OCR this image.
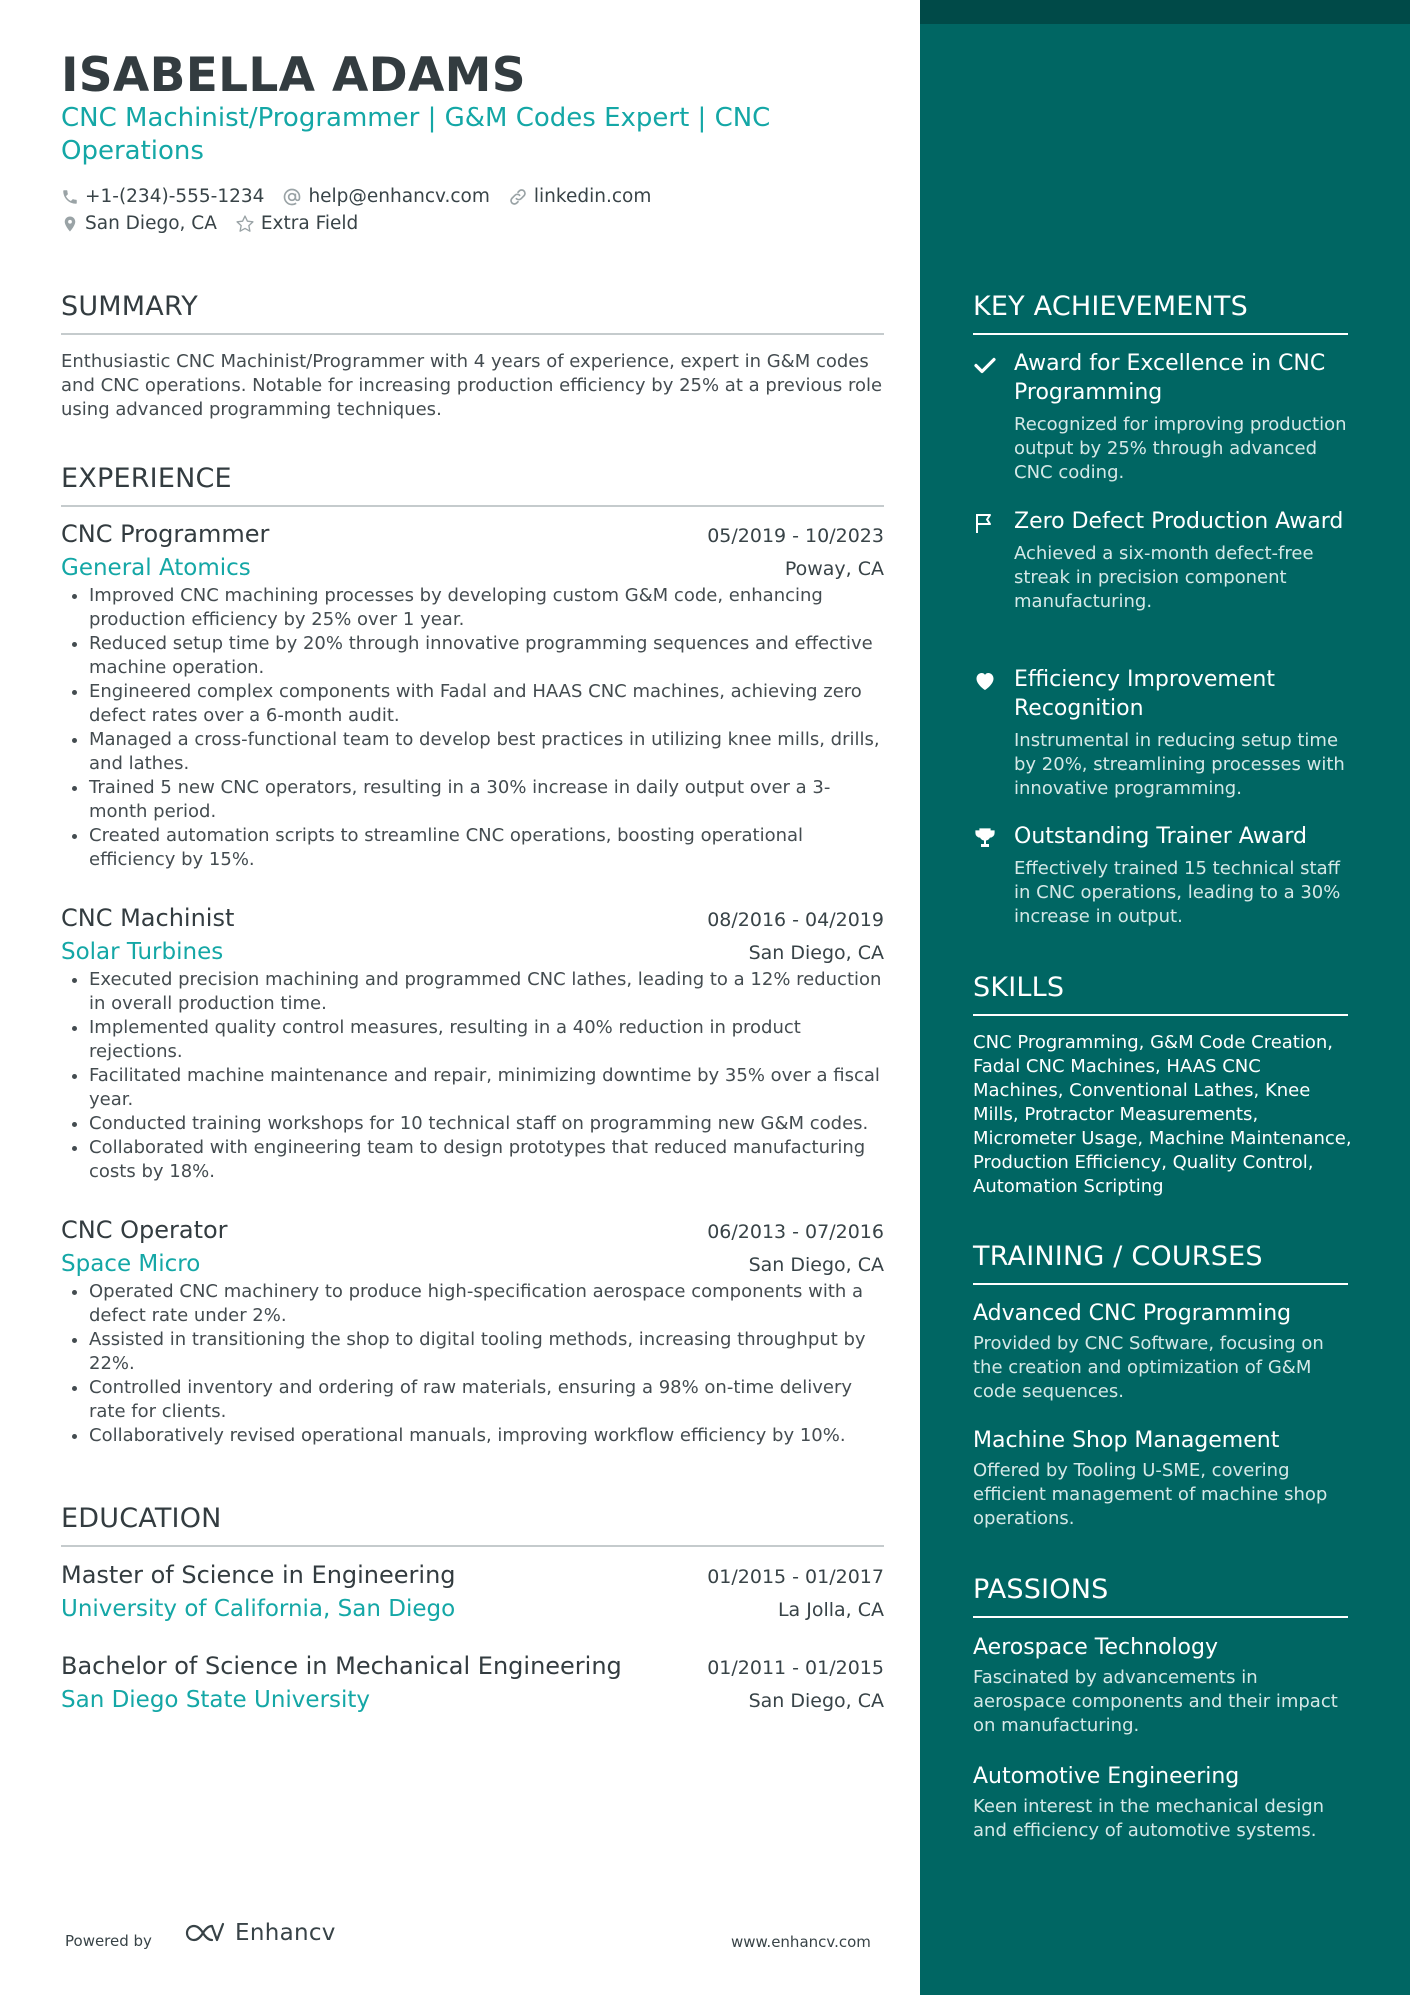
ISABELLA ADAMS
CNC Machinist/Programmer | G&M Codes Expert | CNC Operations
+1-(234)-555-1234 help@enhancv.com linkedin.com
San Diego, CA Extra Field
SUMMARY
Enthusiastic CNC Machinist/Programmer with 4 years of experience, expert in G&M codes and CNC operations. Notable for increasing production efficiency by 25% at a previous role using advanced programming techniques.
EXPERIENCE
CNC Programmer	05/2019 - 10/2023
General Atomics	Poway, CA
• Improved CNC machining processes by developing custom G&M code, enhancing production efficiency by 25% over 1 year.
• Reduced setup time by 20% through innovative programming sequences and effective machine operation.
• Engineered complex components with Fadal and HAAS CNC machines, achieving zero defect rates over a 6-month audit.
• Managed a cross-functional team to develop best practices in utilizing knee mills, drills, and lathes.
• Trained 5 new CNC operators, resulting in a 30% increase in daily output over a 3-month period.
• Created automation scripts to streamline CNC operations, boosting operational efficiency by 15%.
CNC Machinist	08/2016 - 04/2019
Solar Turbines	San Diego, CA
• Executed precision machining and programmed CNC lathes, leading to a 12% reduction in overall production time.
• Implemented quality control measures, resulting in a 40% reduction in product rejections.
• Facilitated machine maintenance and repair, minimizing downtime by 35% over a fiscal year.
• Conducted training workshops for 10 technical staff on programming new G&M codes.
• Collaborated with engineering team to design prototypes that reduced manufacturing costs by 18%.
CNC Operator	06/2013 - 07/2016
Space Micro	San Diego, CA
• Operated CNC machinery to produce high-specification aerospace components with a defect rate under 2%.
• Assisted in transitioning the shop to digital tooling methods, increasing throughput by 22%.
• Controlled inventory and ordering of raw materials, ensuring a 98% on-time delivery rate for clients.
• Collaboratively revised operational manuals, improving workflow efficiency by 10%.
EDUCATION
Master of Science in Engineering	01/2015 - 01/2017
University of California, San Diego	La Jolla, CA
Bachelor of Science in Mechanical Engineering	01/2011 - 01/2015
San Diego State University	San Diego, CA
Powered by	Enhancv	www.enhancv.com
KEY ACHIEVEMENTS
Award for Excellence in CNC Programming
Recognized for improving production output by 25% through advanced CNC coding.
Zero Defect Production Award
Achieved a six-month defect-free streak in precision component manufacturing.
Efficiency Improvement Recognition
Instrumental in reducing setup time by 20%, streamlining processes with innovative programming.
Outstanding Trainer Award
Effectively trained 15 technical staff in CNC operations, leading to a 30% increase in output.
SKILLS
CNC Programming, G&M Code Creation, Fadal CNC Machines, HAAS CNC Machines, Conventional Lathes, Knee Mills, Protractor Measurements, Micrometer Usage, Machine Maintenance, Production Efficiency, Quality Control, Automation Scripting
TRAINING / COURSES
Advanced CNC Programming
Provided by CNC Software, focusing on the creation and optimization of G&M code sequences.
Machine Shop Management
Offered by Tooling U-SME, covering efficient management of machine shop operations.
PASSIONS
Aerospace Technology
Fascinated by advancements in aerospace components and their impact on manufacturing.
Automotive Engineering
Keen interest in the mechanical design and efficiency of automotive systems.
